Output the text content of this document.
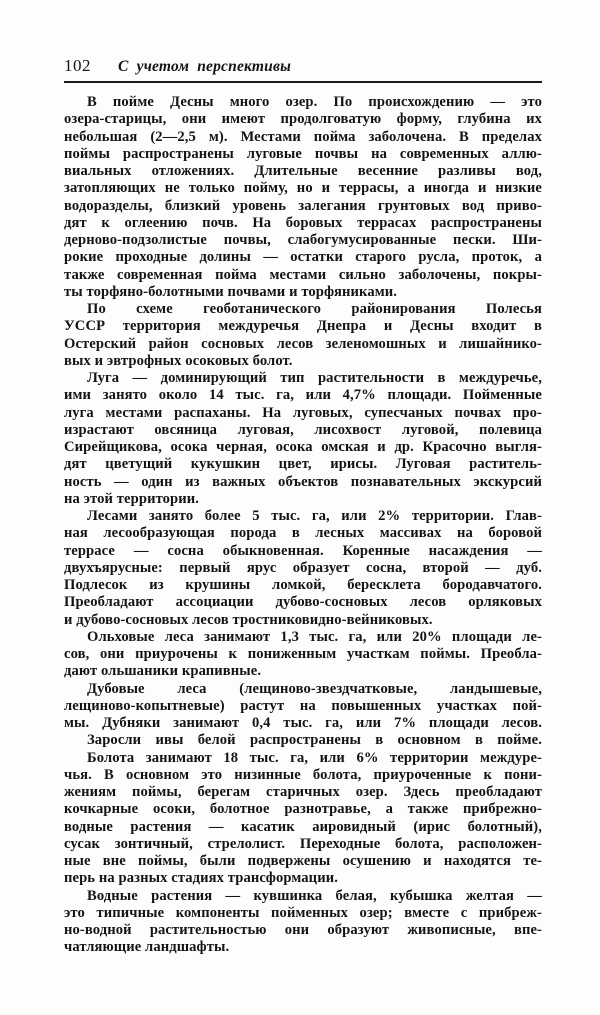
102 С учетом перспективы
В пойме Десны много озер. По происхождению — это
озера-старицы, они имеют продолговатую форму, глубина их
небольшая (2—2,5 м). Местами пойма заболочена. В пределах
поймы распространены луговые почвы на современных аллю-
виальных отложениях. Длительные весенние разливы вод,
затопляющих не только пойму, но и террасы, а иногда и низкие
водоразделы, близкий уровень залегания грунтовых вод приво-
дят к оглеению почв. На боровых террасах распространены
дерново-подзолистые почвы, слабогумусированные пески. Ши-
рокие проходные долины — остатки старого русла, проток, а
также современная пойма местами сильно заболочены, покры-
ты торфяно-болотными почвами и торфяниками.
По схеме геоботанического районирования Полесья
УССР территория междуречья Днепра и Десны входит в
Остерский район сосновых лесов зеленомошных и лишайнико-
вых и эвтрофных осоковых болот.
Луга — доминирующий тип растительности в междуречье,
ими занято около 14 тыс. га, или 4,7% площади. Пойменные
луга местами распаханы. На луговых, супесчаных почвах про-
израстают овсяница луговая, лисохвост луговой, полевица
Сирейщикова, осока черная, осока омская и др. Красочно выгля-
дят цветущий кукушкин цвет, ирисы. Луговая раститель-
ность — один из важных объектов познавательных экскурсий
на этой территории.
Лесами занято более 5 тыс. га, или 2% территории. Глав-
ная лесообразующая порода в лесных массивах на боровой
террасе — сосна обыкновенная. Коренные насаждения —
двухъярусные: первый ярус образует сосна, второй — дуб.
Подлесок из крушины ломкой, бересклета бородавчатого.
Преобладают ассоциации дубово-сосновых лесов орляковых
и дубово-сосновых лесов тростниковидно-вейниковых.
Ольховые леса занимают 1,3 тыс. га, или 20% площади ле-
сов, они приурочены к пониженным участкам поймы. Преобла-
дают ольшаники крапивные.
Дубовые леса (лещиново-звездчатковые, ландышевые,
лещиново-копытневые) растут на повышенных участках пой-
мы. Дубняки занимают 0,4 тыс. га, или 7% площади лесов.
Заросли ивы белой распространены в основном в пойме.
Болота занимают 18 тыс. га, или 6% территории междуре-
чья. В основном это низинные болота, приуроченные к пони-
жениям поймы, берегам старичных озер. Здесь преобладают
кочкарные осоки, болотное разнотравье, а также прибрежно-
водные растения — касатик аировидный (ирис болотный),
сусак зонтичный, стрелолист. Переходные болота, расположен-
ные вне поймы, были подвержены осушению и находятся те-
перь на разных стадиях трансформации.
Водные растения — кувшинка белая, кубышка желтая —
это типичные компоненты пойменных озер; вместе с прибреж-
но-водной растительностью они образуют живописные, впе-
чатляющие ландшафты.
